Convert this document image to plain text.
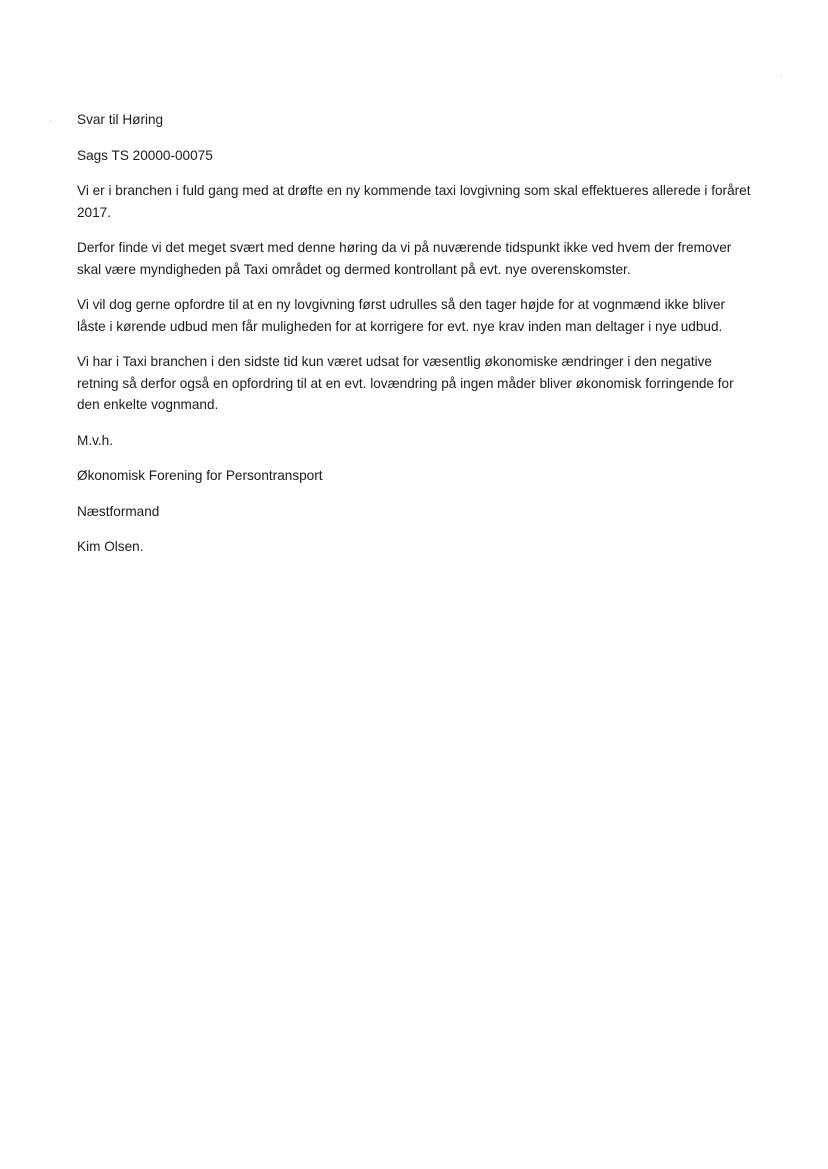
Svar til Høring

Sags TS 20000-00075

Vi er i branchen i fuld gang med at drøfte en ny kommende taxi lovgivning som skal effektueres allerede i foråret 2017.

Derfor finde vi det meget svært med denne høring da vi på nuværende tidspunkt ikke ved hvem der fremover skal være myndigheden på Taxi området og dermed kontrollant på evt. nye overenskomster.

Vi vil dog gerne opfordre til at en ny lovgivning først udrulles så den tager højde for at vognmænd ikke bliver låste i kørende udbud men får muligheden for at korrigere for evt. nye krav inden man deltager i nye udbud.

Vi har i Taxi branchen i den sidste tid kun været udsat for væsentlig økonomiske ændringer i den negative retning så derfor også en opfordring til at en evt. lovændring på ingen måder bliver økonomisk forringende for den enkelte vognmand.

M.v.h.

Økonomisk Forening for Persontransport

Næstformand

Kim Olsen.
